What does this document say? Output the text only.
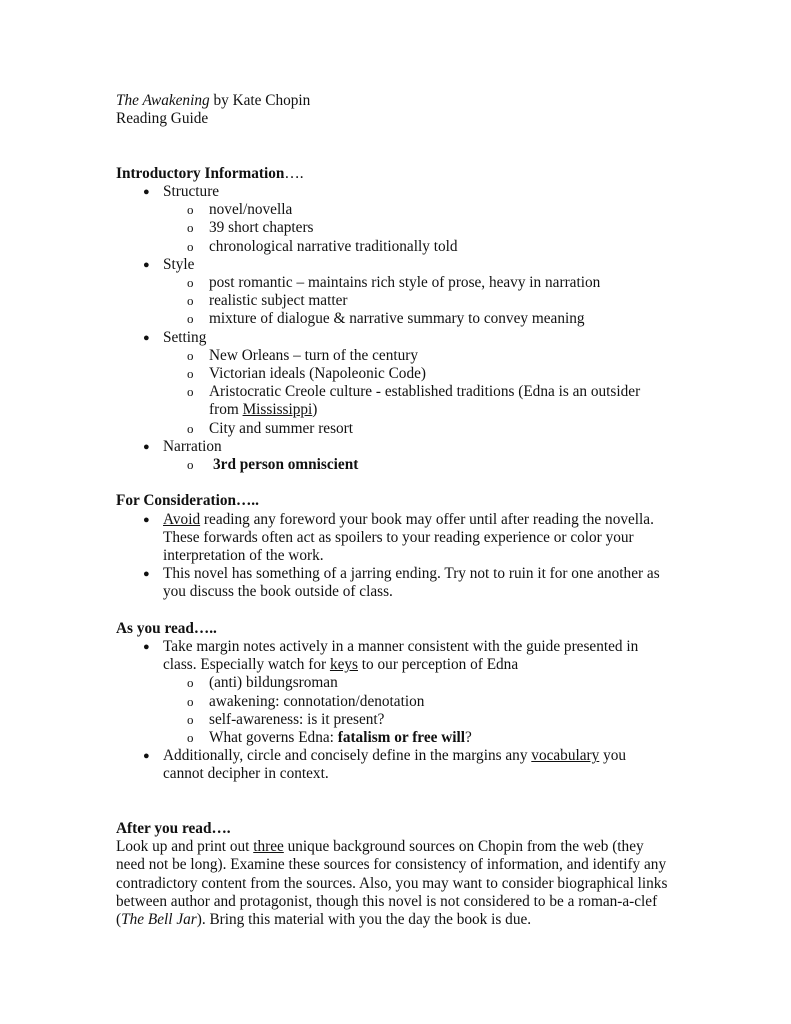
The Awakening by Kate Chopin
Reading Guide
Introductory Information….
● Structure
o novel/novella
o 39 short chapters
o chronological narrative traditionally told
● Style
o post romantic – maintains rich style of prose, heavy in narration
o realistic subject matter
o mixture of dialogue & narrative summary to convey meaning
● Setting
o New Orleans – turn of the century
o Victorian ideals (Napoleonic Code)
o Aristocratic Creole culture - established traditions (Edna is an outsider
from Mississippi)
o City and summer resort
● Narration
o 3rd person omniscient
For Consideration…..
● Avoid reading any foreword your book may offer until after reading the novella. These forwards often act as spoilers to your reading experience or color your interpretation of the work.
● This novel has something of a jarring ending. Try not to ruin it for one another as you discuss the book outside of class.
As you read…..
● Take margin notes actively in a manner consistent with the guide presented in class. Especially watch for keys to our perception of Edna
o (anti) bildungsroman
o awakening: connotation/denotation
o self-awareness: is it present?
o What governs Edna: fatalism or free will?
● Additionally, circle and concisely define in the margins any vocabulary you cannot decipher in context.
After you read….
Look up and print out three unique background sources on Chopin from the web (they need not be long). Examine these sources for consistency of information, and identify any contradictory content from the sources. Also, you may want to consider biographical links between author and protagonist, though this novel is not considered to be a roman-a-clef (The Bell Jar). Bring this material with you the day the book is due.
